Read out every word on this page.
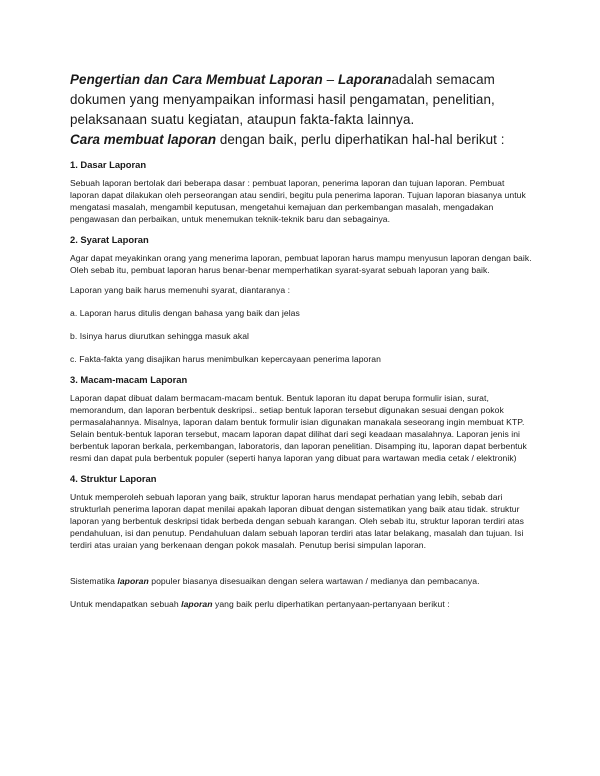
Pengertian dan Cara Membuat Laporan – Laporanadalah semacam dokumen yang menyampaikan informasi hasil pengamatan, penelitian, pelaksanaan suatu kegiatan, ataupun fakta-fakta lainnya.

Cara membuat laporan dengan baik, perlu diperhatikan hal-hal berikut :

1. Dasar Laporan

Sebuah laporan bertolak dari beberapa dasar : pembuat laporan, penerima laporan dan tujuan laporan. Pembuat laporan dapat dilakukan oleh perseorangan atau sendiri, begitu pula penerima laporan. Tujuan laporan biasanya untuk mengatasi masalah, mengambil keputusan, mengetahui kemajuan dan perkembangan masalah, mengadakan pengawasan dan perbaikan, untuk menemukan teknik-teknik baru dan sebagainya.

2. Syarat Laporan

Agar dapat meyakinkan orang yang menerima laporan, pembuat laporan harus mampu menyusun laporan dengan baik. Oleh sebab itu, pembuat laporan harus benar-benar memperhatikan syarat-syarat sebuah laporan yang baik.

Laporan yang baik harus memenuhi syarat, diantaranya :

a. Laporan harus ditulis dengan bahasa yang baik dan jelas

b. Isinya harus diurutkan sehingga masuk akal

c. Fakta-fakta yang disajikan harus menimbulkan kepercayaan penerima laporan

3. Macam-macam Laporan

Laporan dapat dibuat dalam bermacam-macam bentuk. Bentuk laporan itu dapat berupa formulir isian, surat, memorandum, dan laporan berbentuk deskripsi.. setiap bentuk laporan tersebut digunakan sesuai dengan pokok permasalahannya. Misalnya, laporan dalam bentuk formulir isian digunakan manakala seseorang ingin membuat KTP. Selain bentuk-bentuk laporan tersebut, macam laporan dapat dilihat dari segi keadaan masalahnya. Laporan jenis ini berbentuk laporan berkala, perkembangan, laboratoris, dan laporan penelitian. Disamping itu, laporan dapat berbentuk resmi dan dapat pula berbentuk populer (seperti hanya laporan yang dibuat para wartawan media cetak / elektronik)

4. Struktur Laporan

Untuk memperoleh sebuah laporan yang baik, struktur laporan harus mendapat perhatian yang lebih, sebab dari strukturlah penerima laporan dapat menilai apakah laporan dibuat dengan sistematikan yang baik atau tidak. struktur laporan yang berbentuk deskripsi tidak berbeda dengan sebuah karangan. Oleh sebab itu, struktur laporan terdiri atas pendahuluan, isi dan penutup. Pendahuluan dalam sebuah laporan terdiri atas latar belakang, masalah dan tujuan. Isi terdiri atas uraian yang berkenaan dengan pokok masalah. Penutup berisi simpulan laporan.

Sistematika laporan populer biasanya disesuaikan dengan selera wartawan / medianya dan pembacanya.

Untuk mendapatkan sebuah laporan yang baik perlu diperhatikan pertanyaan-pertanyaan berikut :
